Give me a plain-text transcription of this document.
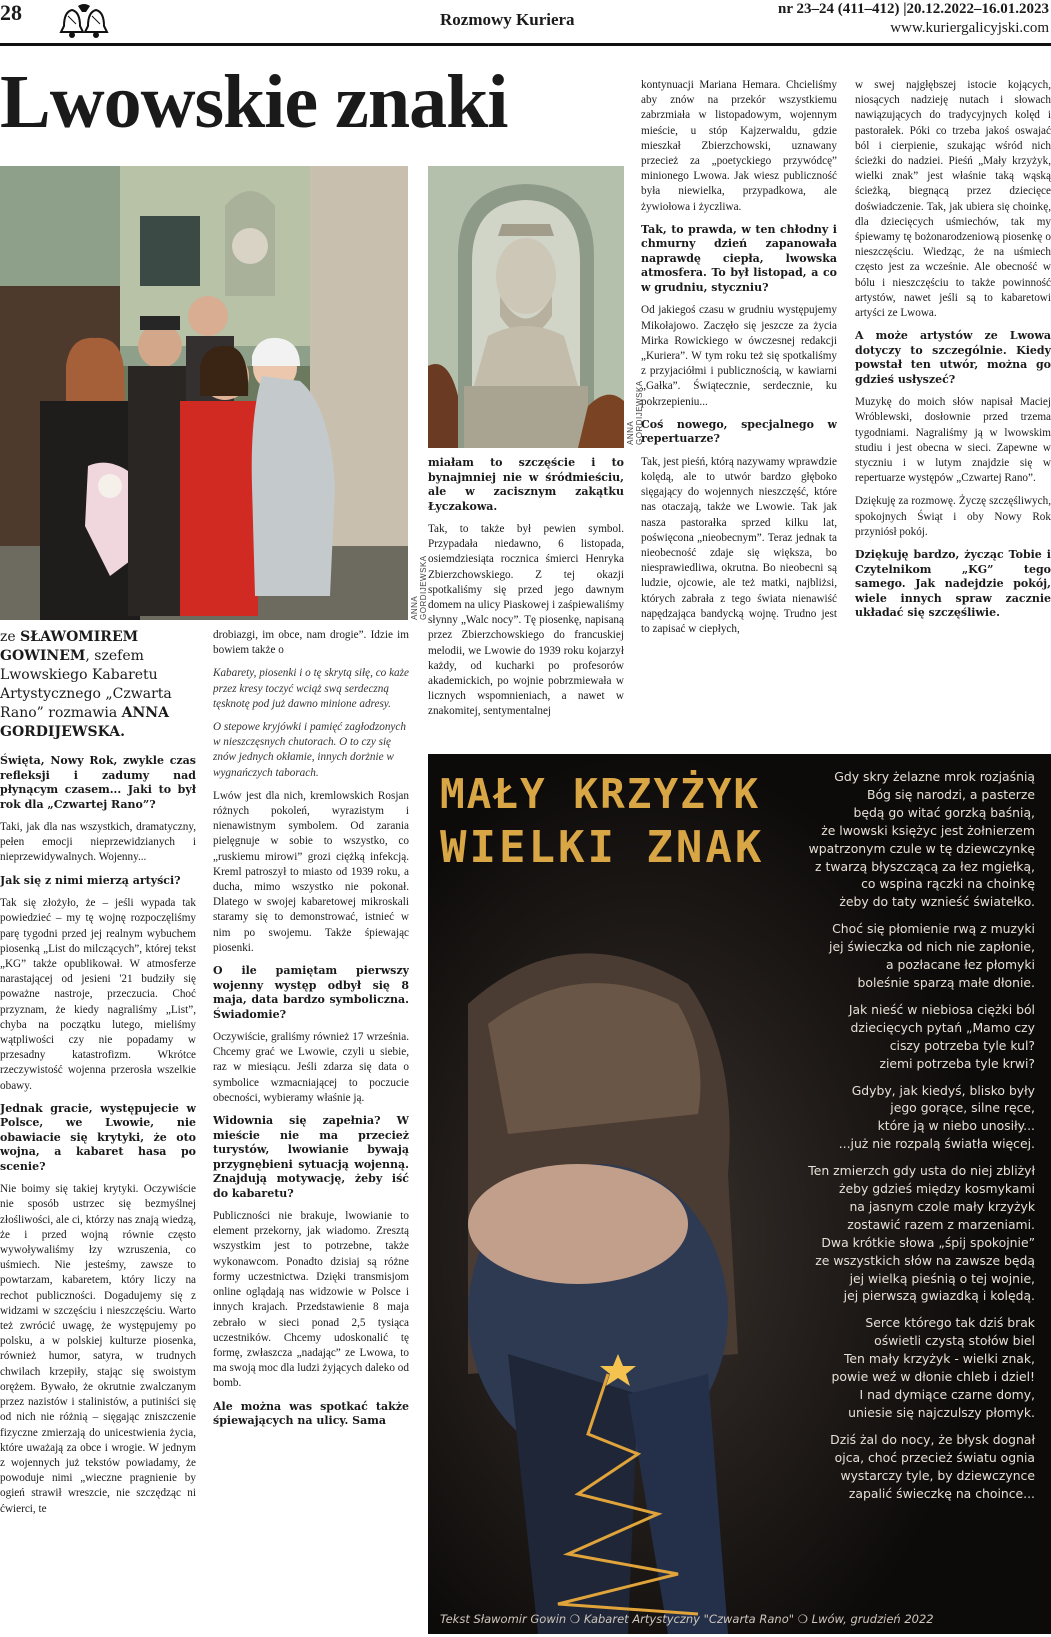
28	Rozmowy Kuriera
nr 23–24 (411–412) |20.12.2022–16.01.2023
www.kuriergalicyjski.com
Lwowskie znaki
ANNA GORDIJEWSKA
ANNA GORDIJEWSKA
ze SŁAWOMIREM GOWINEM, szefem Lwowskiego Kabaretu Artystycznego „Czwarta Rano” rozmawia ANNA GORDIJEWSKA.

Święta, Nowy Rok, zwykle czas refleksji i zadumy nad płynącym czasem... Jaki to był rok dla „Czwartej Rano”?

Taki, jak dla nas wszystkich, dramatyczny, pełen emocji nieprzewidzianych i nieprzewidywalnych. Wojenny...

Jak się z nimi mierzą artyści?

Tak się złożyło, że – jeśli wypada tak powiedzieć – my tę wojnę rozpoczęliśmy parę tygodni przed jej realnym wybuchem piosenką „List do milczących”, której tekst „KG” także opublikował. W atmosferze narastającej od jesieni '21 budziły się poważne nastroje, przeczucia. Choć przyznam, że kiedy nagraliśmy „List”, chyba na początku lutego, mieliśmy wątpliwości czy nie popadamy w przesadny katastrofizm. Wkrótce rzeczywistość wojenna przerosła wszelkie obawy.

Jednak gracie, występujecie w Polsce, we Lwowie, nie obawiacie się krytyki, że oto wojna, a kabaret hasa po scenie?

Nie boimy się takiej krytyki. Oczywiście nie sposób ustrzec się bezmyślnej złośliwości, ale ci, którzy nas znają wiedzą, że i przed wojną równie często wywoływaliśmy łzy wzruszenia, co uśmiech. Nie jesteśmy, zawsze to powtarzam, kabaretem, który liczy na rechot publiczności. Dogadujemy się z widzami w szczęściu i nieszczęściu. Warto też zwrócić uwagę, że występujemy po polsku, a w polskiej kulturze piosenka, również humor, satyra, w trudnych chwilach krzepiły, stając się swoistym orężem. Bywało, że okrutnie zwalczanym przez nazistów i stalinistów, a putiniści się od nich nie różnią – sięgając zniszczenie fizyczne zmierzają do unicestwienia życia, które uważają za obce i wrogie. W jednym z wojennych już tekstów powiadamy, że powoduje nimi „wieczne pragnienie by ogień strawił wreszcie, nie szczędząc ni ćwierci, te

drobiazgi, im obce, nam drogie”. Idzie im bowiem także o

Kabarety, piosenki i o tę skrytą siłę, co każe przez kresy toczyć wciąż swą serdeczną tęsknotę pod już dawno minione adresy.

O stepowe kryjówki i pamięć zagłodzonych w nieszczęsnych chutorach. O to czy się znów jednych okłamie, innych dorżnie w wygnańczych taborach.

Lwów jest dla nich, kremlowskich Rosjan różnych pokoleń, wyrazistym i nienawistnym symbolem. Od zarania pielęgnuje w sobie to wszystko, co „ruskiemu mirowi” grozi ciężką infekcją. Kreml patroszył to miasto od 1939 roku, a ducha, mimo wszystko nie pokonał. Dlatego w swojej kabaretowej mikroskali staramy się to demonstrować, istnieć w nim po swojemu. Także śpiewając piosenki.

O ile pamiętam pierwszy wojenny występ odbył się 8 maja, data bardzo symboliczna. Świadomie?

Oczywiście, graliśmy również 17 września. Chcemy grać we Lwowie, czyli u siebie, raz w miesiącu. Jeśli zdarza się data o symbolice wzmacniającej to poczucie obecności, wybieramy właśnie ją.

Widownia się zapełnia? W mieście nie ma przecież turystów, lwowianie bywają przygnębieni sytuacją wojenną. Znajdują motywację, żeby iść do kabaretu?

Publiczności nie brakuje, lwowianie to element przekorny, jak wiadomo. Zresztą wszystkim jest to potrzebne, także wykonawcom. Ponadto dzisiaj są różne formy uczestnictwa. Dzięki transmisjom online oglądają nas widzowie w Polsce i innych krajach. Przedstawienie 8 maja zebrało w sieci ponad 2,5 tysiąca uczestników. Chcemy udoskonalić tę formę, zwłaszcza „nadając” ze Lwowa, to ma swoją moc dla ludzi żyjących daleko od bomb.

Ale można was spotkać także śpiewających na ulicy. Sama

miałam to szczęście i to bynajmniej nie w śródmieściu, ale w zacisznym zakątku Łyczakowa.

Tak, to także był pewien symbol. Przypadała niedawno, 6 listopada, osiemdziesiąta rocznica śmierci Henryka Zbierzchowskiego. Z tej okazji spotkaliśmy się przed jego dawnym domem na ulicy Piaskowej i zaśpiewaliśmy słynny „Walc nocy”. Tę piosenkę, napisaną przez Zbierzchowskiego do francuskiej melodii, we Lwowie do 1939 roku kojarzył każdy, od kucharki po profesorów akademickich, po wojnie pobrzmiewała w licznych wspomnieniach, a nawet w znakomitej, sentymentalnej

kontynuacji Mariana Hemara. Chcieliśmy aby znów na przekór wszystkiemu zabrzmiała w listopadowym, wojennym mieście, u stóp Kajzerwaldu, gdzie mieszkał Zbierzchowski, uznawany przecież za „poetyckiego przywódcę” minionego Lwowa. Jak wiesz publiczność była niewielka, przypadkowa, ale żywiołowa i życzliwa.

Tak, to prawda, w ten chłodny i chmurny dzień zapanowała naprawdę ciepła, lwowska atmosfera. To był listopad, a co w grudniu, styczniu?

Od jakiegoś czasu w grudniu występujemy Mikołajowo. Zaczęło się jeszcze za życia Mirka Rowickiego w ówczesnej redakcji „Kuriera”. W tym roku też się spotkaliśmy z przyjaciółmi i publicznością, w kawiarni „Gałka”. Świątecznie, serdecznie, ku pokrzepieniu...

Coś nowego, specjalnego w repertuarze?

Tak, jest pieśń, którą nazywamy wprawdzie kolędą, ale to utwór bardzo głęboko sięgający do wojennych nieszczęść, które nas otaczają, także we Lwowie. Tak jak nasza pastorałka sprzed kilku lat, poświęcona „nieobecnym”. Teraz jednak ta nieobecność zdaje się większa, bo niesprawiedliwa, okrutna. Bo nieobecni są ludzie, ojcowie, ale też matki, najbliżsi, których zabrała z tego świata nienawiść napędzająca bandycką wojnę. Trudno jest to zapisać w ciepłych,

w swej najgłębszej istocie kojących, niosących nadzieję nutach i słowach nawiązujących do tradycyjnych kolęd i pastorałek. Póki co trzeba jakoś oswajać ból i cierpienie, szukając wśród nich ścieżki do nadziei. Pieśń „Mały krzyżyk, wielki znak” jest właśnie taką wąską ścieżką, biegnącą przez dziecięce doświadczenie. Tak, jak ubiera się choinkę, dla dziecięcych uśmiechów, tak my śpiewamy tę bożonarodzeniową piosenkę o nieszczęściu. Wiedząc, że na uśmiech często jest za wcześnie. Ale obecność w bólu i nieszczęściu to także powinność artystów, nawet jeśli są to kabaretowi artyści ze Lwowa.

A może artystów ze Lwowa dotyczy to szczególnie. Kiedy powstał ten utwór, można go gdzieś usłyszeć?

Muzykę do moich słów napisał Maciej Wróblewski, dosłownie przed trzema tygodniami. Nagraliśmy ją w lwowskim studiu i jest obecna w sieci. Zapewne w styczniu i w lutym znajdzie się w repertuarze występów „Czwartej Rano”.

Dziękuję za rozmowę. Życzę szczęśliwych, spokojnych Świąt i oby Nowy Rok przyniósł pokój.

Dziękuję bardzo, życząc Tobie i Czytelnikom „KG” tego samego. Jak nadejdzie pokój, wiele innych spraw zacznie układać się szczęśliwie.

MAŁY KRZYŻYK
WIELKI ZNAK
Gdy skry żelazne mrok rozjaśnią
Bóg się narodzi, a pasterze
będą go witać gorzką baśnią,
że lwowski księżyc jest żołnierzem
wpatrzonym czule w tę dziewczynkę
z twarzą błyszczącą za łez mgiełką,
co wspina rączki na choinkę
żeby do taty wznieść światełko.
Choć się płomienie rwą z muzyki
jej świeczka od nich nie zapłonie,
a pozłacane łez płomyki
boleśnie sparzą małe dłonie.
Jak nieść w niebiosa ciężki ból
dziecięcych pytań „Mamo czy
ciszy potrzeba tyle kul?
ziemi potrzeba tyle krwi?
Gdyby, jak kiedyś, blisko były
jego gorące, silne ręce,
które ją w niebo unosiły...
...już nie rozpalą światła więcej.
Ten zmierzch gdy usta do niej zbliżył
żeby gdzieś między kosmykami
na jasnym czole mały krzyżyk
zostawić razem z marzeniami.
Dwa krótkie słowa „śpij spokojnie”
ze wszystkich słów na zawsze będą
jej wielką pieśnią o tej wojnie,
jej pierwszą gwiazdką i kolędą.
Serce którego tak dziś brak
oświetli czystą stołów biel
Ten mały krzyżyk - wielki znak,
powie weź w dłonie chleb i dziel!
I nad dymiące czarne domy,
uniesie się najczulszy płomyk.
Dziś żal do nocy, że błysk dognał
ojca, choć przecież światu ognia
wystarczy tyle, by dziewczynce
zapalić świeczkę na choince...
Tekst Sławomir Gowin ❍ Kabaret Artystyczny "Czwarta Rano" ❍ Lwów, grudzień 2022
